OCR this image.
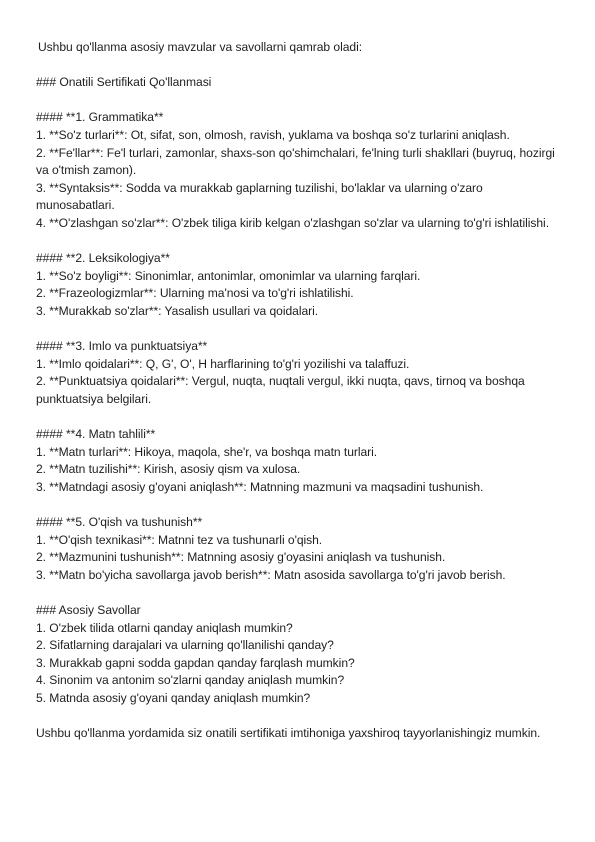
Ushbu qo'llanma asosiy mavzular va savollarni qamrab oladi:
### Onatili Sertifikati Qo'llanmasi
#### **1. Grammatika**
1. **So'z turlari**: Ot, sifat, son, olmosh, ravish, yuklama va boshqa so'z turlarini aniqlash.
2. **Fe'llar**: Fe'l turlari, zamonlar, shaxs-son qo'shimchalari, fe'lning turli shakllari (buyruq, hozirgi
va o'tmish zamon).
3. **Syntaksis**: Sodda va murakkab gaplarning tuzilishi, bo'laklar va ularning o'zaro
munosabatlari.
4. **O'zlashgan so'zlar**: O'zbek tiliga kirib kelgan o'zlashgan so'zlar va ularning to'g'ri ishlatilishi.
#### **2. Leksikologiya**
1. **So'z boyligi**: Sinonimlar, antonimlar, omonimlar va ularning farqlari.
2. **Frazeologizmlar**: Ularning ma'nosi va to'g'ri ishlatilishi.
3. **Murakkab so'zlar**: Yasalish usullari va qoidalari.
#### **3. Imlo va punktuatsiya**
1. **Imlo qoidalari**: Q, G', O', H harflarining to'g'ri yozilishi va talaffuzi.
2. **Punktuatsiya qoidalari**: Vergul, nuqta, nuqtali vergul, ikki nuqta, qavs, tirnoq va boshqa
punktuatsiya belgilari.
#### **4. Matn tahlili**
1. **Matn turlari**: Hikoya, maqola, she'r, va boshqa matn turlari.
2. **Matn tuzilishi**: Kirish, asosiy qism va xulosa.
3. **Matndagi asosiy g'oyani aniqlash**: Matnning mazmuni va maqsadini tushunish.
#### **5. O'qish va tushunish**
1. **O'qish texnikasi**: Matnni tez va tushunarli o'qish.
2. **Mazmunini tushunish**: Matnning asosiy g'oyasini aniqlash va tushunish.
3. **Matn bo'yicha savollarga javob berish**: Matn asosida savollarga to'g'ri javob berish.
### Asosiy Savollar
1. O'zbek tilida otlarni qanday aniqlash mumkin?
2. Sifatlarning darajalari va ularning qo'llanilishi qanday?
3. Murakkab gapni sodda gapdan qanday farqlash mumkin?
4. Sinonim va antonim so'zlarni qanday aniqlash mumkin?
5. Matnda asosiy g'oyani qanday aniqlash mumkin?
Ushbu qo'llanma yordamida siz onatili sertifikati imtihoniga yaxshiroq tayyorlanishingiz mumkin.
